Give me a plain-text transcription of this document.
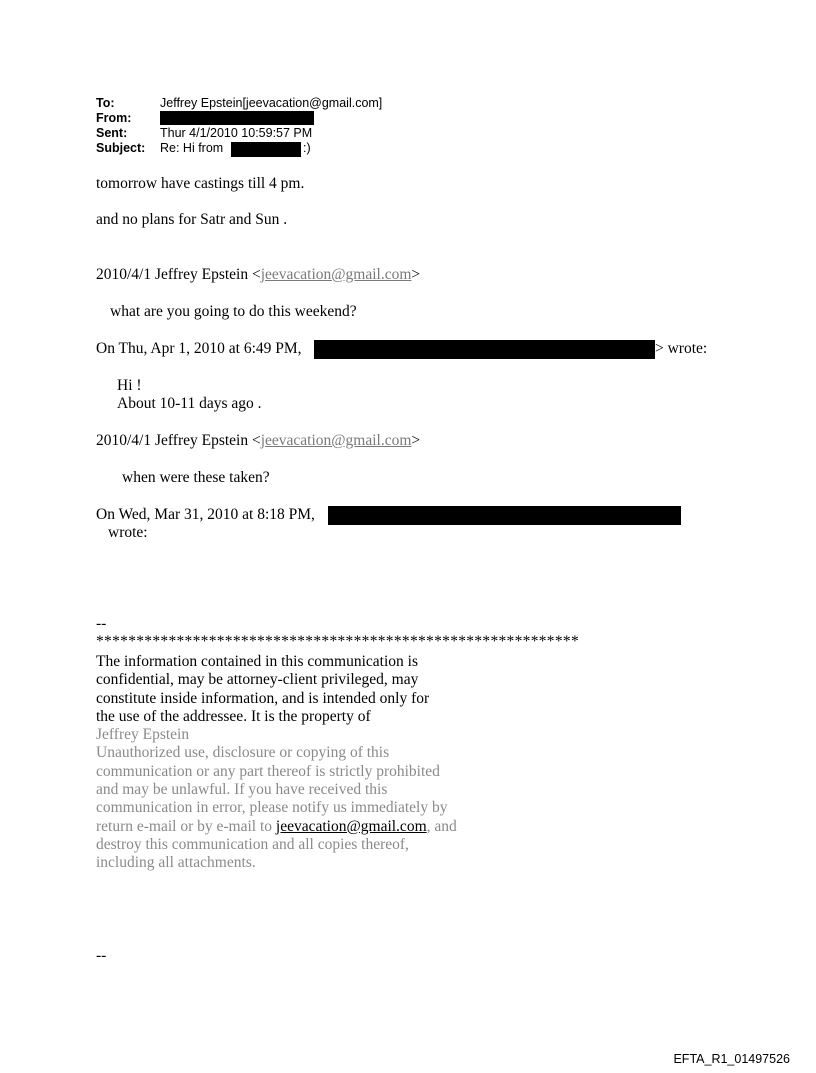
To:	Jeffrey Epstein[jeevacation@gmail.com]
From:
Sent:	Thur 4/1/2010 10:59:57 PM
Subject: Re: Hi from	:)
tomorrow have castings till 4 pm.
and no plans for Satr and Sun .
2010/4/1 Jeffrey Epstein <jeevacation@gmail.com>
what are you going to do this weekend?
On Thu, Apr 1, 2010 at 6:49 PM,	> wrote:
Hi !
About 10-11 days ago .
2010/4/1 Jeffrey Epstein <jeevacation@gmail.com>
when were these taken?
On Wed, Mar 31, 2010 at 8:18 PM,
wrote:
--
************************************************************
The information contained in this communication is
confidential, may be attorney-client privileged, may
constitute inside information, and is intended only for
the use of the addressee. It is the property of
Jeffrey Epstein
Unauthorized use, disclosure or copying of this
communication or any part thereof is strictly prohibited
and may be unlawful. If you have received this
communication in error, please notify us immediately by
return e-mail or by e-mail to jeevacation@gmail.com, and
destroy this communication and all copies thereof,
including all attachments.
--
EFTA_R1_01497526
